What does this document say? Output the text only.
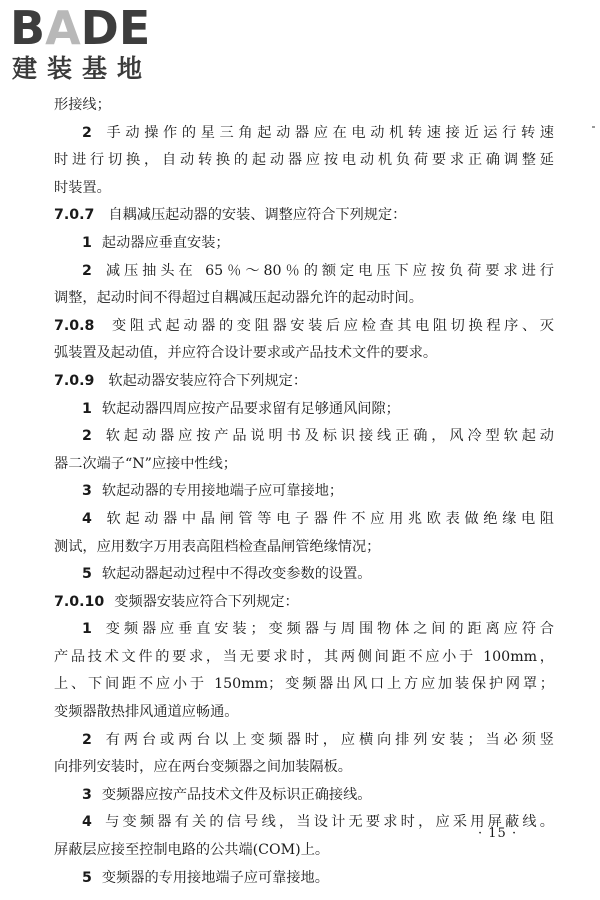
BADE
建装基地
形接线；
2 手动操作的星三角起动器应在电动机转速接近运行转速
时进行切换，自动转换的起动器应按电动机负荷要求正确调整延
时装置。
7.0.7 自耦减压起动器的安装、调整应符合下列规定：
1 起动器应垂直安装；
2 减压抽头在 65％～80％的额定电压下应按负荷要求进行
调整，起动时间不得超过自耦减压起动器允许的起动时间。
7.0.8 变阻式起动器的变阻器安装后应检查其电阻切换程序、灭
弧装置及起动值，并应符合设计要求或产品技术文件的要求。
7.0.9 软起动器安装应符合下列规定：
1 软起动器四周应按产品要求留有足够通风间隙；
2 软起动器应按产品说明书及标识接线正确，风冷型软起动
器二次端子“N”应接中性线；
3 软起动器的专用接地端子应可靠接地；
4 软起动器中晶闸管等电子器件不应用兆欧表做绝缘电阻
测试，应用数字万用表高阻档检查晶闸管绝缘情况；
5 软起动器起动过程中不得改变参数的设置。
7.0.10 变频器安装应符合下列规定：
1 变频器应垂直安装；变频器与周围物体之间的距离应符合
产品技术文件的要求，当无要求时，其两侧间距不应小于 100mm，
上、下间距不应小于 150mm；变频器出风口上方应加装保护网罩；
变频器散热排风通道应畅通。
2 有两台或两台以上变频器时，应横向排列安装；当必须竖
向排列安装时，应在两台变频器之间加装隔板。
3 变频器应按产品技术文件及标识正确接线。
4 与变频器有关的信号线，当设计无要求时，应采用屏蔽线。
屏蔽层应接至控制电路的公共端(COM)上。
5 变频器的专用接地端子应可靠接地。
· 15 ·
